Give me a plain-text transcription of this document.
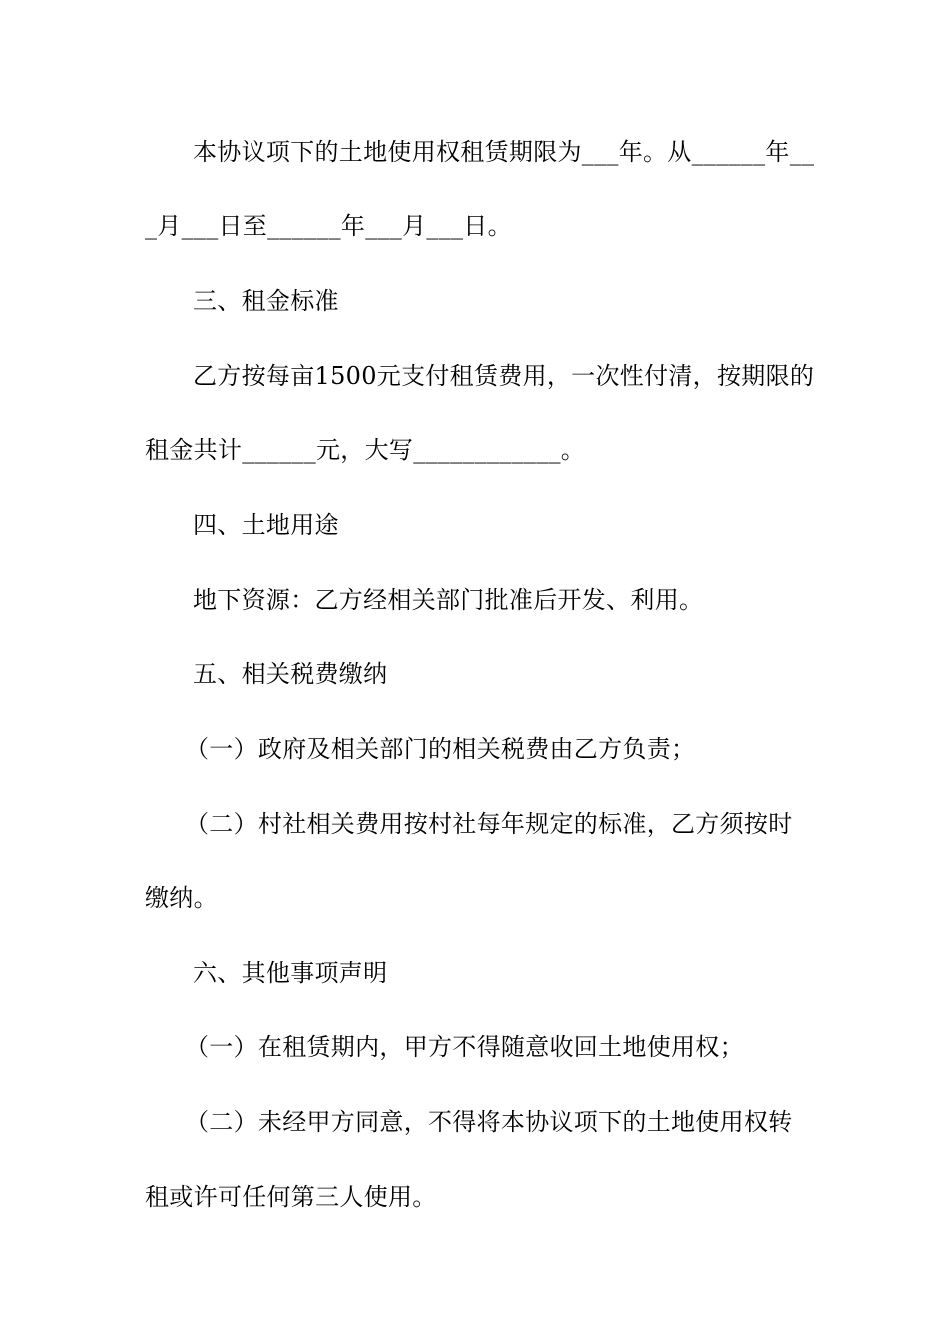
本协议项下的土地使用权租赁期限为___年。从______年__
_月___日至______年___月___日。
三、租金标准
乙方按每亩1500元支付租赁费用，一次性付清，按期限的
租金共计______元，大写____________。
四、土地用途
地下资源：乙方经相关部门批准后开发、利用。
五、相关税费缴纳
（一）政府及相关部门的相关税费由乙方负责；
（二）村社相关费用按村社每年规定的标准，乙方须按时
缴纳。
六、其他事项声明
（一）在租赁期内，甲方不得随意收回土地使用权；
（二）未经甲方同意，不得将本协议项下的土地使用权转
租或许可任何第三人使用。
